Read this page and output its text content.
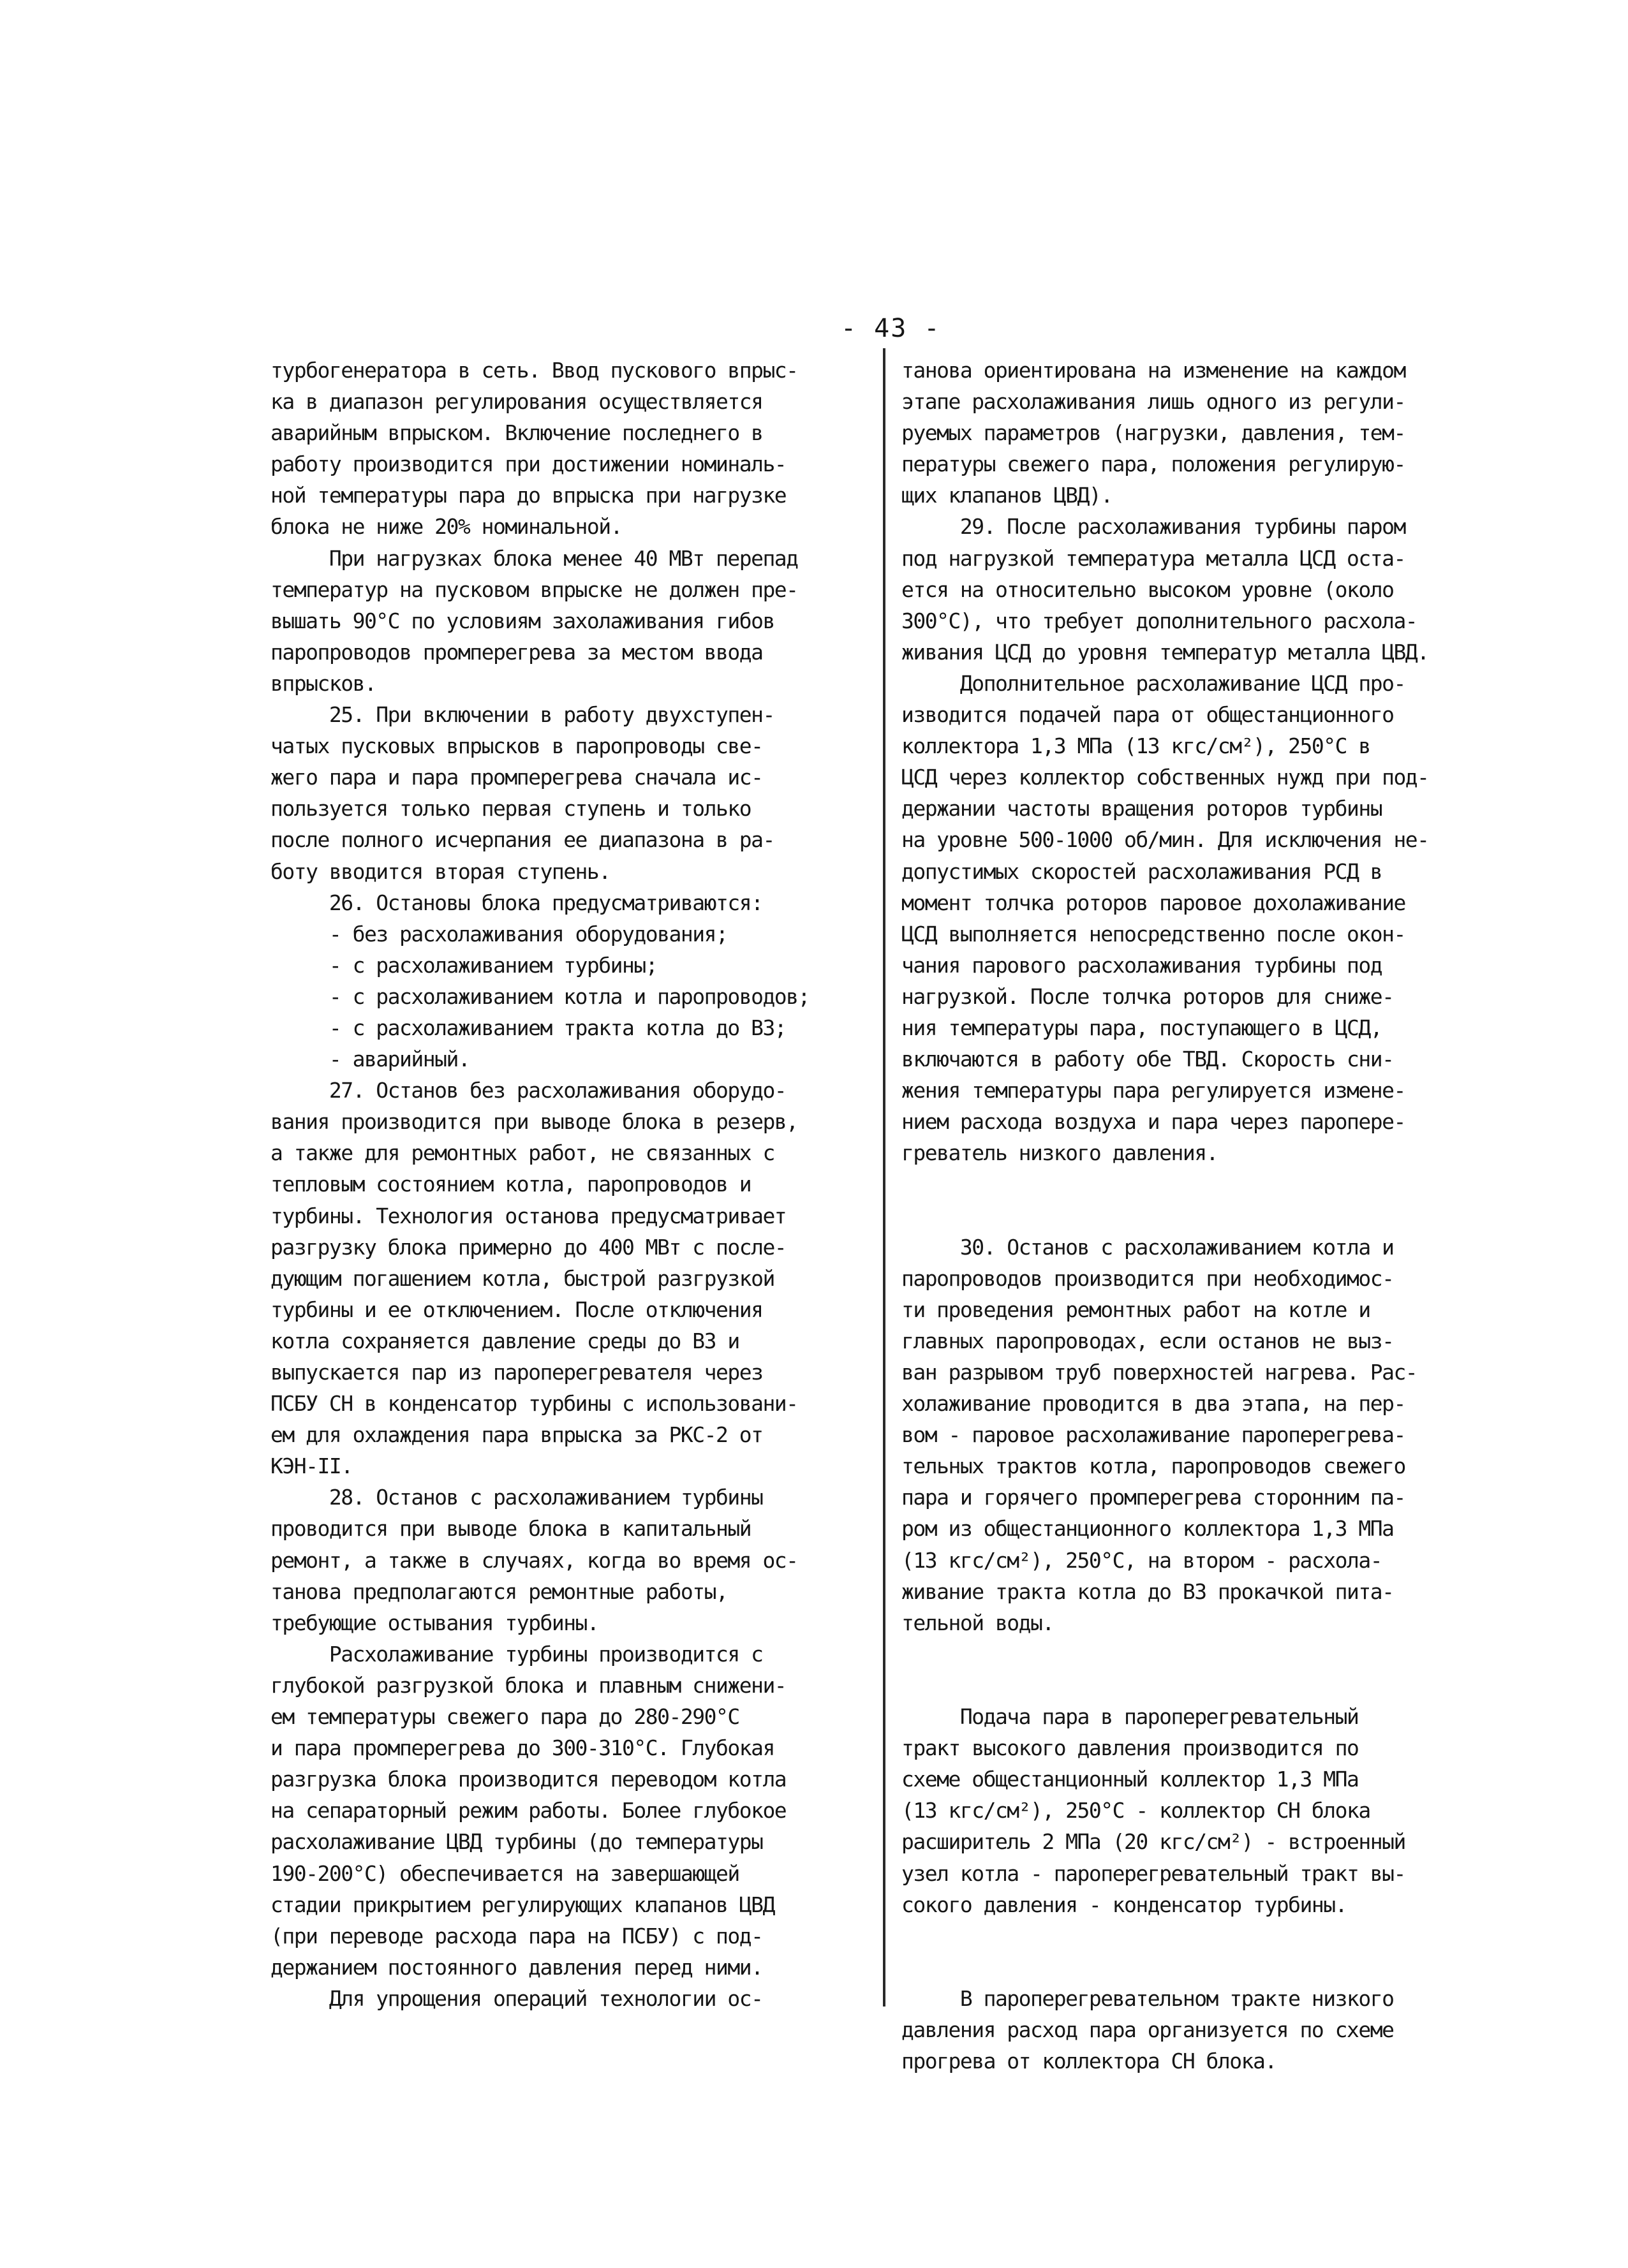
- 43 -
турбогенератора в сеть. Ввод пускового впрыс-
ка в диапазон регулирования осуществляется
аварийным впрыском. Включение последнего в
работу производится при достижении номиналь-
ной температуры пара до впрыска при нагрузке
блока не ниже 20% номинальной.
При нагрузках блока менее 40 МВт перепад
температур на пусковом впрыске не должен пре-
вышать 90°С по условиям захолаживания гибов
паропроводов промперегрева за местом ввода
впрысков.
25. При включении в работу двухступен-
чатых пусковых впрысков в паропроводы све-
жего пара и пара промперегрева сначала ис-
пользуется только первая ступень и только
после полного исчерпания ее диапазона в ра-
боту вводится вторая ступень.
26. Остановы блока предусматриваются:
- без расхолаживания оборудования;
- с расхолаживанием турбины;
- с расхолаживанием котла и паропроводов;
- с расхолаживанием тракта котла до ВЗ;
- аварийный.
27. Останов без расхолаживания оборудо-
вания производится при выводе блока в резерв,
а также для ремонтных работ, не связанных с
тепловым состоянием котла, паропроводов и
турбины. Технология останова предусматривает
разгрузку блока примерно до 400 МВт с после-
дующим погашением котла, быстрой разгрузкой
турбины и ее отключением. После отключения
котла сохраняется давление среды до ВЗ и
выпускается пар из пароперегревателя через
ПСБУ СН в конденсатор турбины с использовани-
ем для охлаждения пара впрыска за РКС-2 от
КЭН-II.
28. Останов с расхолаживанием турбины
проводится при выводе блока в капитальный
ремонт, а также в случаях, когда во время ос-
танова предполагаются ремонтные работы,
требующие остывания турбины.
Расхолаживание турбины производится с
глубокой разгрузкой блока и плавным снижени-
ем температуры свежего пара до 280-290°С
и пара промперегрева до 300-310°С. Глубокая
разгрузка блока производится переводом котла
на сепараторный режим работы. Более глубокое
расхолаживание ЦВД турбины (до температуры
190-200°С) обеспечивается на завершающей
стадии прикрытием регулирующих клапанов ЦВД
(при переводе расхода пара на ПСБУ) с под-
держанием постоянного давления перед ними.
Для упрощения операций технологии ос-
танова ориентирована на изменение на каждом
этапе расхолаживания лишь одного из регули-
руемых параметров (нагрузки, давления, тем-
пературы свежего пара, положения регулирую-
щих клапанов ЦВД).
29. После расхолаживания турбины паром
под нагрузкой температура металла ЦСД оста-
ется на относительно высоком уровне (около
300°С), что требует дополнительного расхола-
живания ЦСД до уровня температур металла ЦВД.
Дополнительное расхолаживание ЦСД про-
изводится подачей пара от общестанционного
коллектора 1,3 МПа (13 кгс/см²), 250°С в
ЦСД через коллектор собственных нужд при под-
держании частоты вращения роторов турбины
на уровне 500-1000 об/мин. Для исключения не-
допустимых скоростей расхолаживания РСД в
момент толчка роторов паровое дохолаживание
ЦСД выполняется непосредственно после окон-
чания парового расхолаживания турбины под
нагрузкой. После толчка роторов для сниже-
ния температуры пара, поступающего в ЦСД,
включаются в работу обе ТВД. Скорость сни-
жения температуры пара регулируется измене-
нием расхода воздуха и пара через паропере-
греватель низкого давления.

30. Останов с расхолаживанием котла и
паропроводов производится при необходимос-
ти проведения ремонтных работ на котле и
главных паропроводах, если останов не выз-
ван разрывом труб поверхностей нагрева. Рас-
холаживание проводится в два этапа, на пер-
вом - паровое расхолаживание пароперегрева-
тельных трактов котла, паропроводов свежего
пара и горячего промперегрева сторонним па-
ром из общестанционного коллектора 1,3 МПа
(13 кгс/см²), 250°С, на втором - расхола-
живание тракта котла до ВЗ прокачкой пита-
тельной воды.

Подача пара в пароперегревательный
тракт высокого давления производится по
схеме общестанционный коллектор 1,3 МПа
(13 кгс/см²), 250°С - коллектор СН блока
расширитель 2 МПа (20 кгс/см²) - встроенный
узел котла - пароперегревательный тракт вы-
сокого давления - конденсатор турбины.

В пароперегревательном тракте низкого
давления расход пара организуется по схеме
прогрева от коллектора СН блока.
